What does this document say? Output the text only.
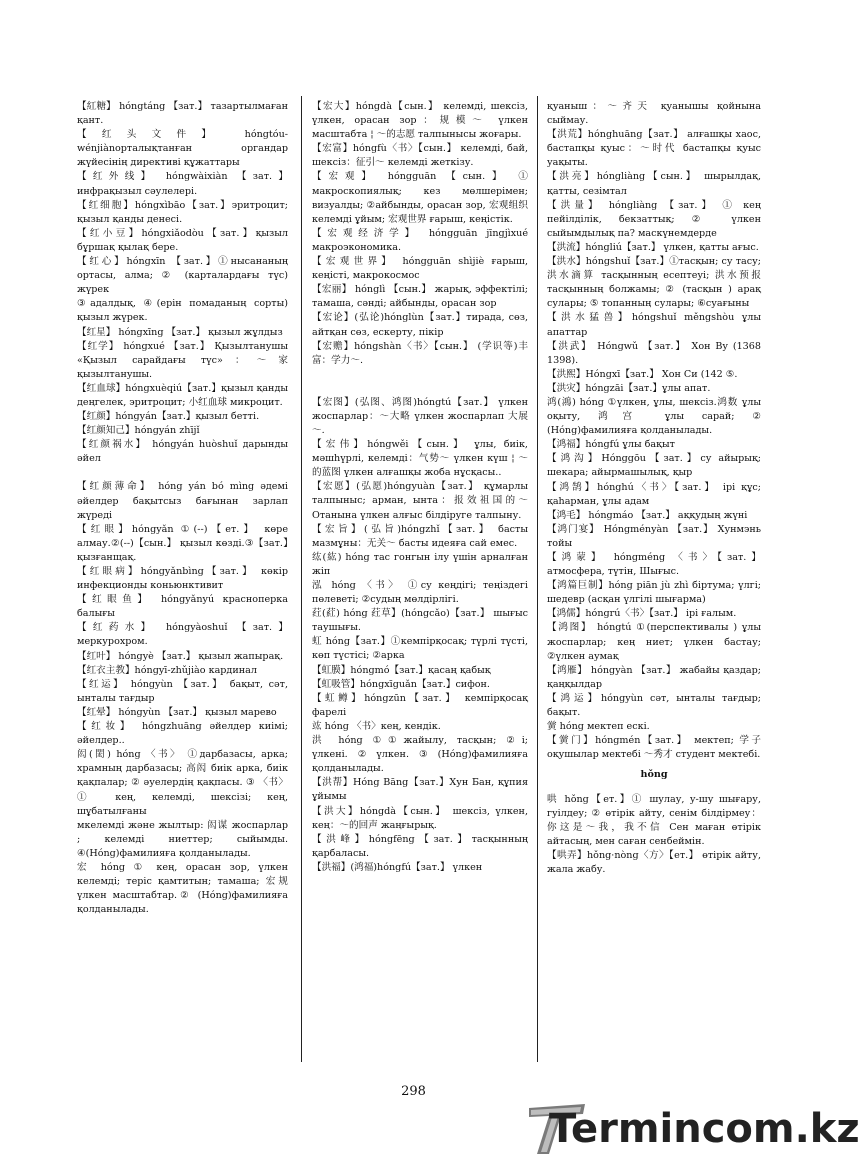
【紅糖】 hóngtáng 【зат.】 тазартылмаған қант.
【红头文件】 hóngtóu-wénjiànорталықтанған органдар жүйесінің директиві құжаттары
【红外线】 hóngwàixiàn 【зат.】 инфрақызыл сәулелері.
【红细胞】hóngxìbāo【зат.】эритроцит; қызыл қанды денесі.
【红小豆】hóngxiǎodòu【зат.】қызыл бұршақ қылақ бере.
【红心】hóngxīn 【зат.】①нысананың ортасы, алма; ② (карталардағы түс) жүрек
③адалдық, ④(ерін помаданың сорты) қызыл жүрек.
【红星】 hóngxīng 【зат.】 қызыл жұлдыз
【红学】 hóngxué 【зат.】 Қызылтанушы «Қызыл сарайдағы түс»：～家 қызылтанушы.
【红血球】hóngxuèqiú【зат.】қызыл қанды деңгелек, эритроцит; 小红血球 микроцит.
【红颜】hóngyán【зат.】қызыл бетті.
【红颜知己】hóngyán zhījǐ
【红颜祸水】 hóngyán huòshuǐ дарынды әйел
【红颜薄命】 hóng yán bó mìng әдемі әйелдер бақытсыз бағынан зарлап жүреді
【红眼】hóngyǎn ①(--)【ет.】 көре алмау.②(--)【сын.】 қызыл көзді.③【зат.】қызғанщақ.
【红眼病】hóngyǎnbìng【зат.】 көкір инфекционды коньюнктивит
【红眼鱼】 hóngyǎnyú красноперка балығы
【红药水】 hóngyàoshuǐ 【зат.】 меркурохром.
【红叶】 hóngyè 【зат.】 қызыл жапырақ.
【红衣主教】hóngyī-zhǔjiào кардинал
【红运】 hóngyùn 【зат.】 бақыт, сәт, ынталы тағдыр
【红晕】 hóngyùn 【зат.】 қызыл марево
【红妆】 hóngzhuāng әйелдер киімі; әйелдер..
闳(閎) hóng 〈书〉 ①дарбазасы, арка; храмның дарбазасы; 高闳 биік арка, биік қақпалар; ② әуелердің қақпасы. ③ 〈书〉 ① кең, келемді, шексізі; кең, шұбатылғаны
мкелемді және жылтыр: 闳谋 жоспарлар ; келемді ниеттер; сыйымды. ④(Hóng)фамилияға қолданылады.
宏 hóng ① кең, орасан зор, үлкен келемді; теріс қамтитын; тамаша; 宏规 үлкен масштабтар.② (Hóng)фамилияға қолданылады.
【宏大】hóngdà【сын.】 келемді, шексіз, үлкен, орасан зор：规模～ үлкен масштабта ¦ ～的志愿 талпынысы жоғары.
【宏富】hóngfù〈书〉【сын.】 келемді, бай, шексіз：征引～ келемді жеткізу.
【宏观】 hóngguān 【сын.】 ① макроскопиялық; кез мөлшерімен; визуалды; ②айбынды, орасан зор, 宏观组织 келемді ұйым; 宏观世界 ғарыш, кеңістік.
【宏观经济学】 hóngguān jīngjìxué макроэкономика.
【宏观世界】 hóngguān shìjiè ғарыш, кеңісті, макрокосмос
【宏丽】 hónglì 【сын.】 жарық, эффектілі; тамаша, сәнді; айбынды, орасан зор
【宏论】(弘论)hónglùn【зат.】тирада, сөз, айтқан сөз, ескерту, пікір
【宏赡】hóngshàn〈书〉【сын.】 (学识等)丰富：学力～.
【宏图】(弘图、鸿图)hóngtú【зат.】 үлкен жоспарлар：～大略 үлкен жоспарлап 大展～.
【宏伟】hóngwěi【сын.】 ұлы, биік, мәшһүрлі, келемді：气势～ үлкен күш ¦ ～的蓝图 үлкен алғашқы жоба нұсқасы..
【宏愿】(弘愿)hóngyuàn【зат.】 құмарлы талпыныс; арман, ынта：报效祖国的～ Отанына үлкен алғыс білдіруге талпыну.
【宏旨】(弘旨)hóngzhǐ【зат.】 басты мазмұны：无关～ басты идеяға сай емес.
纮(紘) hóng тас гонгын ілу үшін арналған жіп
泓 hóng 〈书〉 ①су кеңдігі; теңіздегі пөлеветі; ②судың мөлдірлігі.
荭(葒) hóng 荭草】(hóngcǎo)【зат.】 шығыс таушығы.
虹 hóng【зат.】①кемпірқосақ; түрлі түсті, көп түстісі; ②арка
【虹膜】hóngmó【зат.】қасаң қабық
【虹吸管】hóngxīguǎn【зат.】сифон.
【虹鳟】hóngzūn【зат.】 кемпірқосақ фарелі
竑 hóng 〈书〉кең, кендік.
洪 hóng ①①жайылу, тасқын; ②і; үлкені.②үлкен.③(Hóng)фамилияға қолданылады.
【洪帮】Hóng Bāng【зат.】Хун Бан, құпия ұйымы
【洪大】hóngdà【сын.】 шексіз, үлкен, кең：～的回声 жаңғырық.
【洪峰】hóngfēng【зат.】тасқынның қарбаласы.
【洪福】(鸿福)hóngfú【зат.】 үлкен
қуаныш：～齐天 қуанышы қойнына сыймау.
【洪荒】hónghuāng【зат.】 алғашқы хаос, бастапқы қуыс：～时代 бастапқы қуыс уақыты.
【洪亮】hóngliàng【сын.】 шырылдақ, қатты, сезімтал
【洪量】 hóngliàng 【зат.】 ① кең пейілділік, бекзаттық; ② үлкен сыйымдылық па? маскүнемдерде
【洪流】hóngliú【зат.】 үлкен, қатты ағыс.
【洪水】hóngshuǐ【зат.】①тасқын; су тасу; 洪水滴算 тасқынның есептеуі; 洪水预报 тасқынның болжамы; ② (тасқын ) арақ сулары; ⑤ топанның сулары; ⑥суағыны
【洪水猛兽】hóngshuǐ měngshòu ұлы апаттар
【洪武】 Hóngwǔ 【зат.】 Хон Ву (1368 1398).
【洪熙】Hóngxī【зат.】 Хон Си (142 ⑤.
【洪灾】hóngzāi【зат.】ұлы апат.
鸿(鴻) hóng ①үлкен, ұлы, шексіз.鸿数 ұлы оқыту, 鸿宫 ұлы сарай; ② (Hóng)фамилияға қолданылады.
【鸿福】hóngfú ұлы бақыт
【鸿沟】Hónggōu【зат.】су айырық; шекара; айырмашылық, қыр
【鸿鹄】hónghú〈书〉【зат.】 ірі құс; қаһарман, ұлы адам
【鸿毛】 hóngmáo 【зат.】 аққудың жүні
【鸿门宴】 Hóngményàn 【зат.】 Хунмэнь тойы
【鸿蒙】 hóngméng 〈书〉【зат.】 атмосфера, түтін, Шығыс.
【鸿篇巨制】hóng piān jù zhì біртума; үлгі; шедевр (асқан үлгілі шығарма)
【鸿儒】hóngrú〈书〉【зат.】 ірі ғалым.
【鸿图】 hóngtú ①(перспективалы ) ұлы жоспарлар; кең ниет; үлкен бастау; ②үлкен аумақ
【鸿雁】 hóngyàn 【зат.】 жабайы қаздар; қаңқылдар
【鸿运】hóngyùn сәт, ынталы тағдыр; бақыт.
黉 hóng мектеп ескі.
【黉门】hóngmén【зат.】 мектеп; 学子 оқушылар мектебі ～秀才 студент мектебі.
hǒng
哄 hǒng【ет.】① шулау, у-шу шығару, гуілдеу; ② өтірік айту, сенім білдірмеу：你这是～我，我不信 Сен маған өтірік айтасың, мен саған сенбеймін.
【哄弄】hǒng·nòng〈方〉【ет.】 өтірік айту, жала жабу.
298
Termincom.kz
